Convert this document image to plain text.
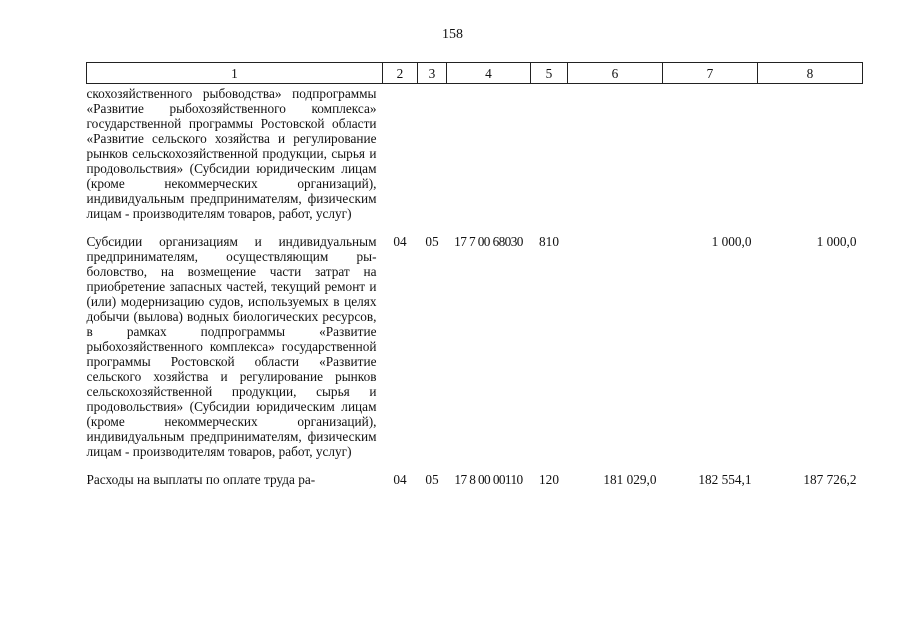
158
1	2	3	4	5	6	7	8
скохозяйственного рыбоводства» подпрограммы «Развитие рыбохозяйственного комплекса» государственной программы Ростовской области «Развитие сельского хозяйства и регулирование рынков сельскохозяйственной продукции, сырья и продовольствия» (Субсидии юридическим лицам (кроме некоммерческих организаций), индивидуальным предпринимателям, физическим лицам - производителям товаров, работ, услуг)							
Субсидии организациям и индивидуальным предпринимателям, осуществляющим рыболовство, на возмещение части затрат на приобретение запасных частей, текущий ремонт и (или) модернизацию судов, используемых в целях добычи (вылова) водных биологических ресурсов, в рамках подпрограммы «Развитие рыбохозяйственного комплекса» государственной программы Ростовской области «Развитие сельского хозяйства и регулирование рынков сельскохозяйственной продукции, сырья и продовольствия» (Субсидии юридическим лицам (кроме некоммерческих организаций), индивидуальным предпринимателям, физическим лицам - производителям товаров, работ, услуг)	04	05	17 7 00 68030	810		1 000,0	1 000,0
Расходы на выплаты по оплате труда ра-	04	05	17 8 00 00110	120	181 029,0	182 554,1	187 726,2
